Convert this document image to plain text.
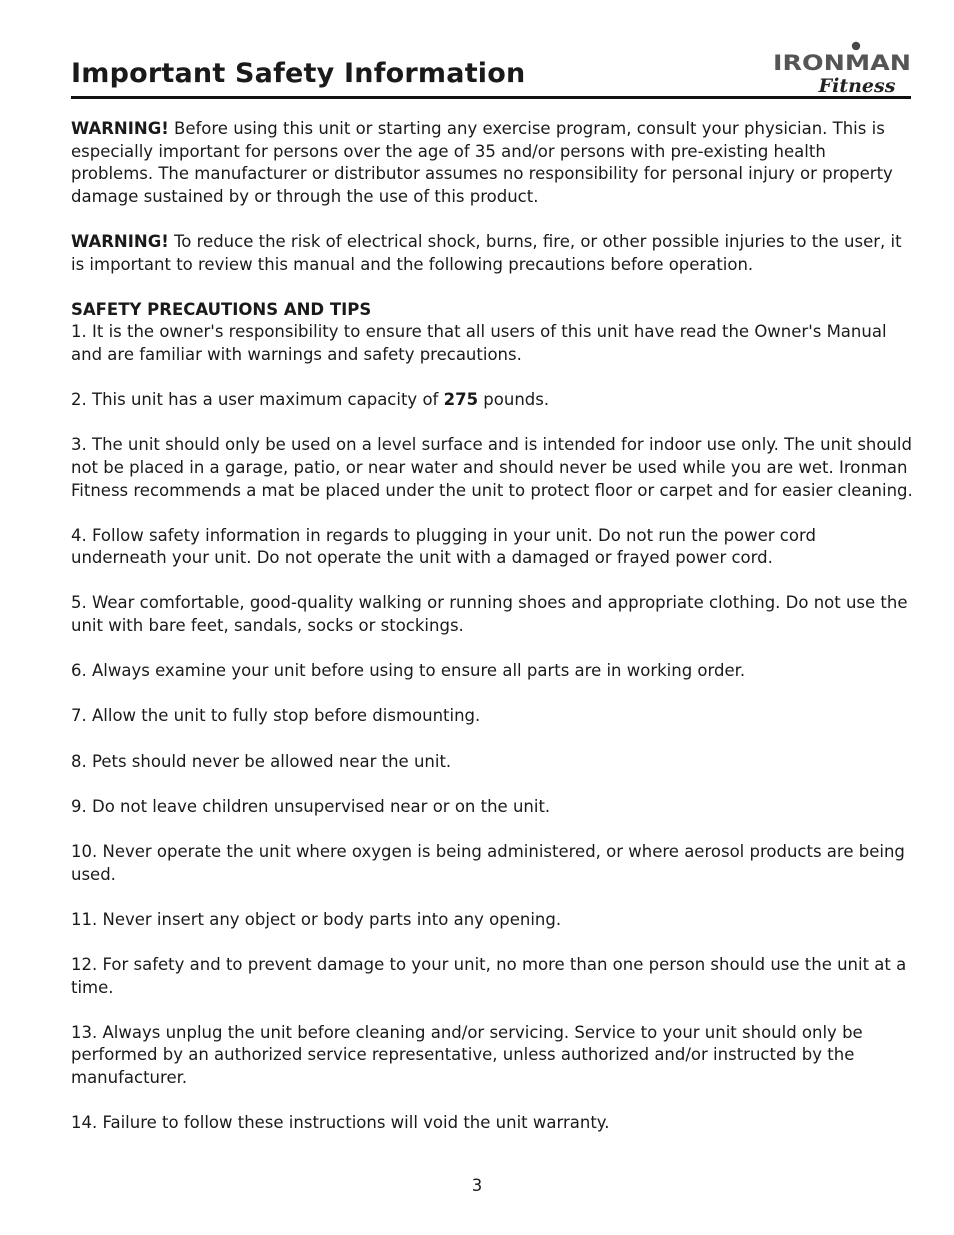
Important Safety Information	IRONMAN
Fitness

WARNING! Before using this unit or starting any exercise program, consult your physician. This is especially important for persons over the age of 35 and/or persons with pre-existing health problems. The manufacturer or distributor assumes no responsibility for personal injury or property damage sustained by or through the use of this product.

WARNING! To reduce the risk of electrical shock, burns, fire, or other possible injuries to the user, it is important to review this manual and the following precautions before operation.

SAFETY PRECAUTIONS AND TIPS

1. It is the owner's responsibility to ensure that all users of this unit have read the Owner's Manual and are familiar with warnings and safety precautions.

2. This unit has a user maximum capacity of 275 pounds.

3. The unit should only be used on a level surface and is intended for indoor use only. The unit should not be placed in a garage, patio, or near water and should never be used while you are wet. Ironman Fitness recommends a mat be placed under the unit to protect floor or carpet and for easier cleaning.

4. Follow safety information in regards to plugging in your unit. Do not run the power cord underneath your unit. Do not operate the unit with a damaged or frayed power cord.

5. Wear comfortable, good-quality walking or running shoes and appropriate clothing. Do not use the unit with bare feet, sandals, socks or stockings.

6. Always examine your unit before using to ensure all parts are in working order.

7. Allow the unit to fully stop before dismounting.

8. Pets should never be allowed near the unit.

9. Do not leave children unsupervised near or on the unit.

10. Never operate the unit where oxygen is being administered, or where aerosol products are being used.

11. Never insert any object or body parts into any opening.

12. For safety and to prevent damage to your unit, no more than one person should use the unit at a time.

13. Always unplug the unit before cleaning and/or servicing. Service to your unit should only be performed by an authorized service representative, unless authorized and/or instructed by the manufacturer.

14. Failure to follow these instructions will void the unit warranty.

3
